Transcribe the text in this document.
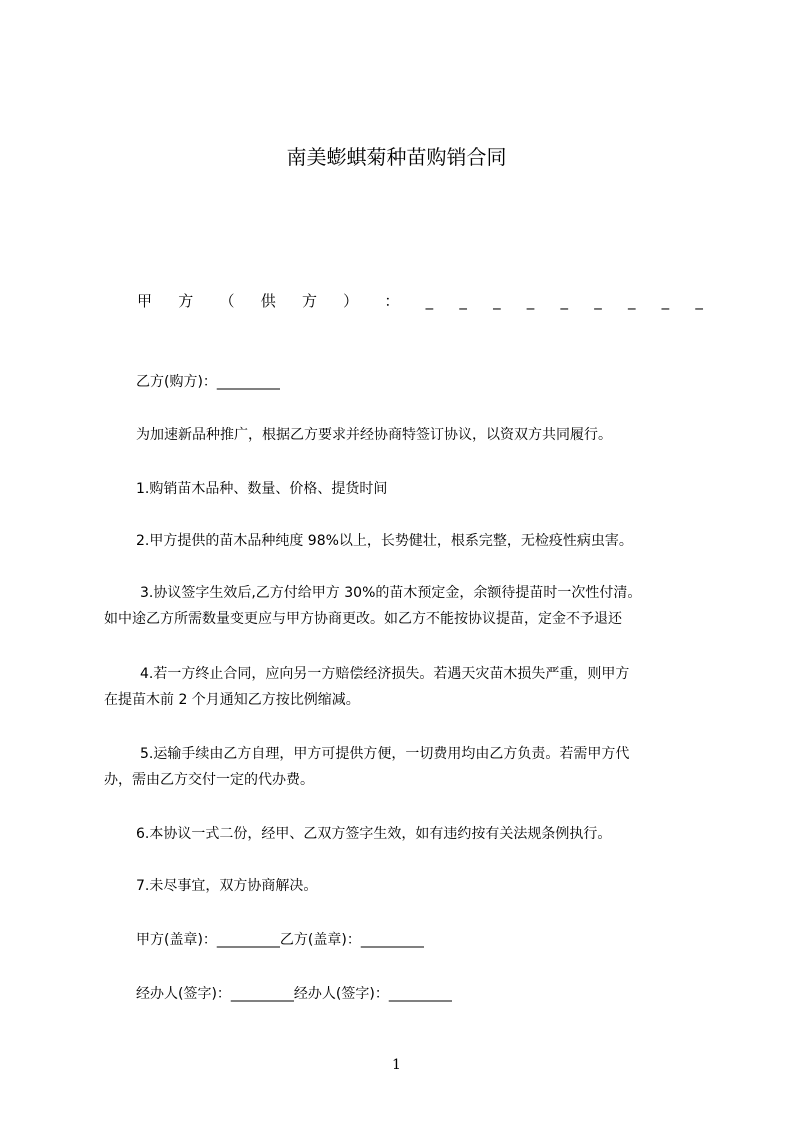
南美蟛蜞菊种苗购销合同
甲 方 （ 供 方 ） ： _ _ _ _ _ _ _ _ _
乙方(购方)：_________
为加速新品种推广，根据乙方要求并经协商特签订协议，以资双方共同履行。
1.购销苗木品种、数量、价格、提货时间
2.甲方提供的苗木品种纯度 98%以上，长势健壮，根系完整，无检疫性病虫害。
3.协议签字生效后,乙方付给甲方 30%的苗木预定金，余额待提苗时一次性付清。
如中途乙方所需数量变更应与甲方协商更改。如乙方不能按协议提苗，定金不予退还
4.若一方终止合同，应向另一方赔偿经济损失。若遇天灾苗木损失严重，则甲方
在提苗木前 2 个月通知乙方按比例缩减。
5.运输手续由乙方自理，甲方可提供方便，一切费用均由乙方负责。若需甲方代
办，需由乙方交付一定的代办费。
6.本协议一式二份，经甲、乙双方签字生效，如有违约按有关法规条例执行。
7.未尽事宜，双方协商解决。
甲方(盖章)：_________乙方(盖章)：_________
经办人(签字)：_________经办人(签字)：_________
1
